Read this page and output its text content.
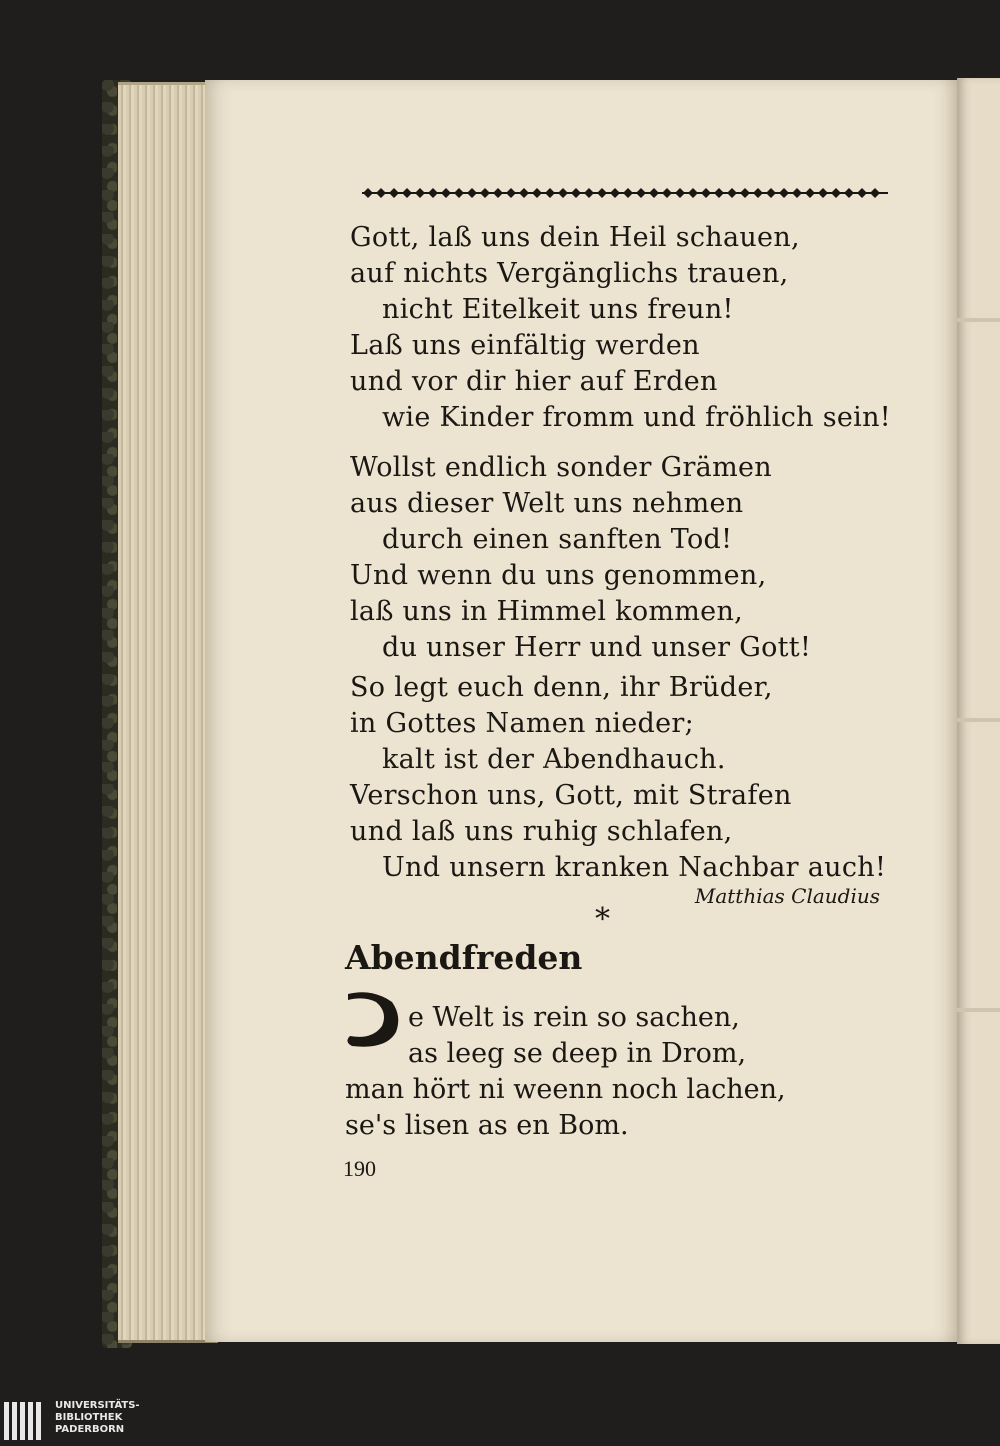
Gott, laß uns dein Heil schauen,
auf nichts Vergänglichs trauen,
nicht Eitelkeit uns freun!
Laß uns einfältig werden
und vor dir hier auf Erden
wie Kinder fromm und fröhlich sein!
Wollst endlich sonder Grämen
aus dieser Welt uns nehmen
durch einen sanften Tod!
Und wenn du uns genommen,
laß uns in Himmel kommen,
du unser Herr und unser Gott!
So legt euch denn, ihr Brüder,
in Gottes Namen nieder;
kalt ist der Abendhauch.
Verschon uns, Gott, mit Strafen
und laß uns ruhig schlafen,
Und unsern kranken Nachbar auch!
Matthias Claudius
*
Abendfreden
D e Welt is rein so sachen,
as leeg se deep in Drom,
man hört ni weenn noch lachen,
se's lisen as en Bom.
190
UNIVERSITÄTS-
BIBLIOTHEK
PADERBORN
